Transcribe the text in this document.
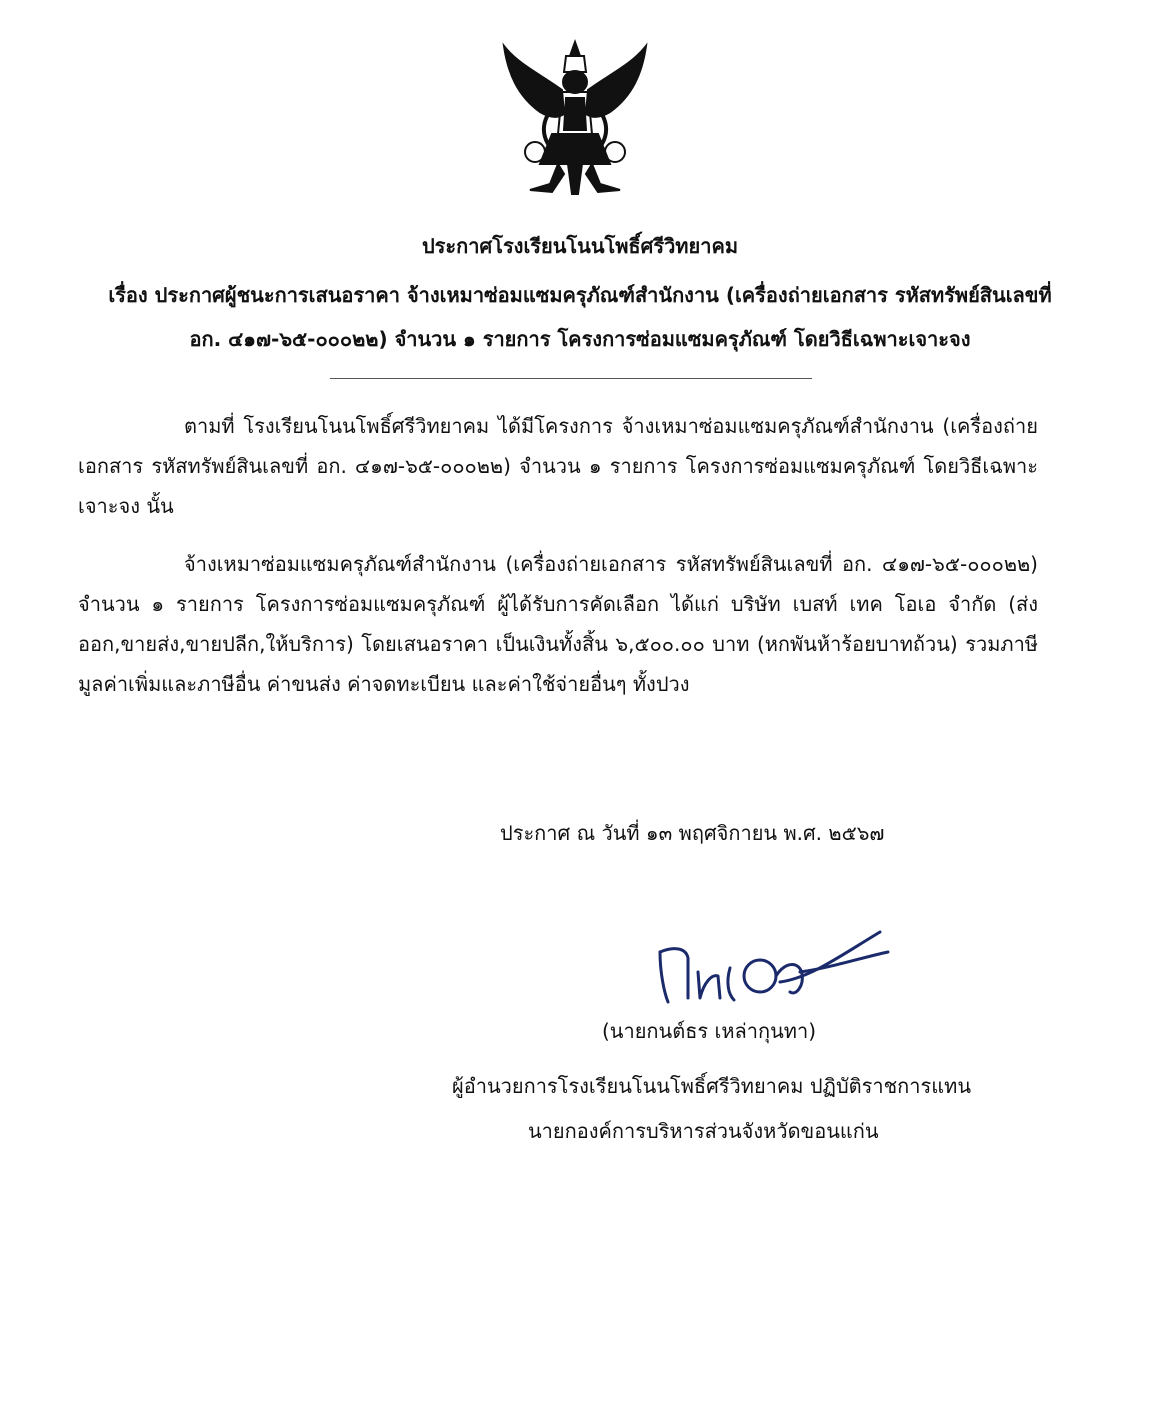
ประกาศโรงเรียนโนนโพธิ์ศรีวิทยาคม
เรื่อง ประกาศผู้ชนะการเสนอราคา จ้างเหมาซ่อมแซมครุภัณฑ์สำนักงาน (เครื่องถ่ายเอกสาร รหัสทรัพย์สินเลขที่
อก. ๔๑๗-๖๕-๐๐๐๒๒) จำนวน ๑ รายการ โครงการซ่อมแซมครุภัณฑ์ โดยวิธีเฉพาะเจาะจง

ตามที่ โรงเรียนโนนโพธิ์ศรีวิทยาคม ได้มีโครงการ จ้างเหมาซ่อมแซมครุภัณฑ์สำนักงาน (เครื่องถ่ายเอกสาร รหัสทรัพย์สินเลขที่ อก. ๔๑๗-๖๕-๐๐๐๒๒) จำนวน ๑ รายการ โครงการซ่อมแซมครุภัณฑ์ โดยวิธีเฉพาะเจาะจง นั้น

จ้างเหมาซ่อมแซมครุภัณฑ์สำนักงาน (เครื่องถ่ายเอกสาร รหัสทรัพย์สินเลขที่ อก. ๔๑๗-๖๕-๐๐๐๒๒) จำนวน ๑ รายการ โครงการซ่อมแซมครุภัณฑ์ ผู้ได้รับการคัดเลือก ได้แก่ บริษัท เบสท์ เทค โอเอ จำกัด (ส่งออก,ขายส่ง,ขายปลีก,ให้บริการ) โดยเสนอราคา เป็นเงินทั้งสิ้น ๖,๕๐๐.๐๐ บาท (หกพันห้าร้อยบาทถ้วน) รวมภาษีมูลค่าเพิ่มและภาษีอื่น ค่าขนส่ง ค่าจดทะเบียน และค่าใช้จ่ายอื่นๆ ทั้งปวง

ประกาศ ณ วันที่ ๑๓ พฤศจิกายน พ.ศ. ๒๕๖๗
(นายกนต์ธร เหล่ากุนทา)
ผู้อำนวยการโรงเรียนโนนโพธิ์ศรีวิทยาคม ปฏิบัติราชการแทน
นายกองค์การบริหารส่วนจังหวัดขอนแก่น
